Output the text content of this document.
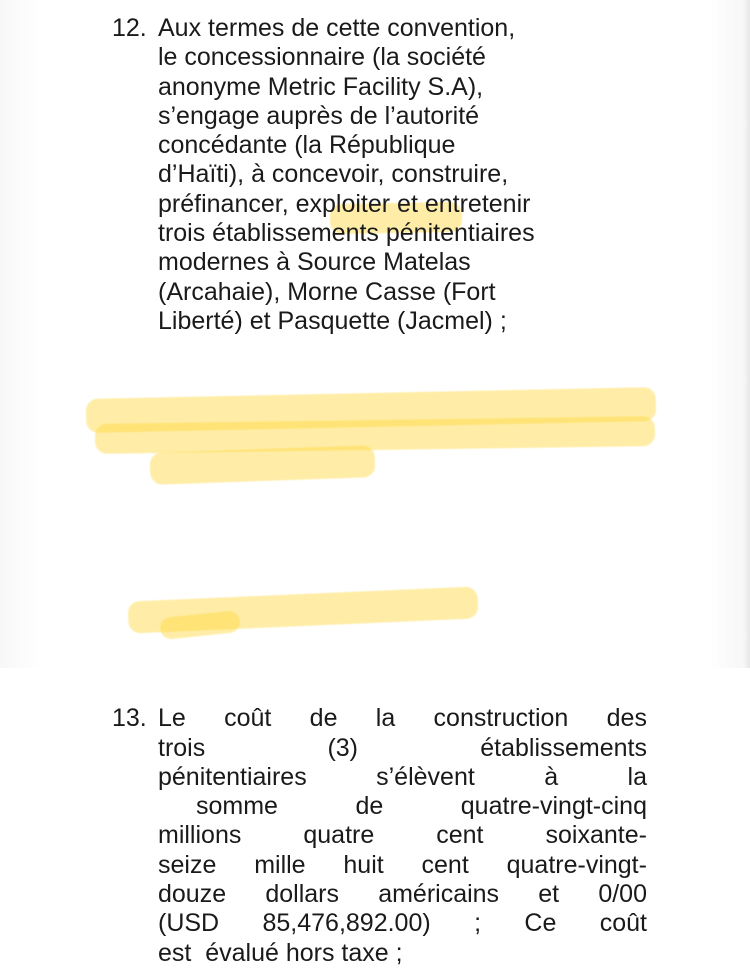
12. Aux termes de cette convention,
le concessionnaire (la société
anonyme Metric Facility S.A),
s’engage auprès de l’autorité
concédante (la République
d’Haïti), à concevoir, construire,
préfinancer, exploiter et entretenir
trois établissements pénitentiaires
modernes à Source Matelas
(Arcahaie), Morne Casse (Fort
Liberté) et Pasquette (Jacmel) ;
13. Le coût de la construction des
trois	(3)	établissements
pénitentiaires	s’élèvent	à	la
somme	de	quatre-vingt-cinq
millions quatre cent soixante-
seize mille huit cent quatre-vingt-
douze dollars américains et 0/00
(USD 85,476,892.00) ; Ce coût
est  évalué hors taxe ;
